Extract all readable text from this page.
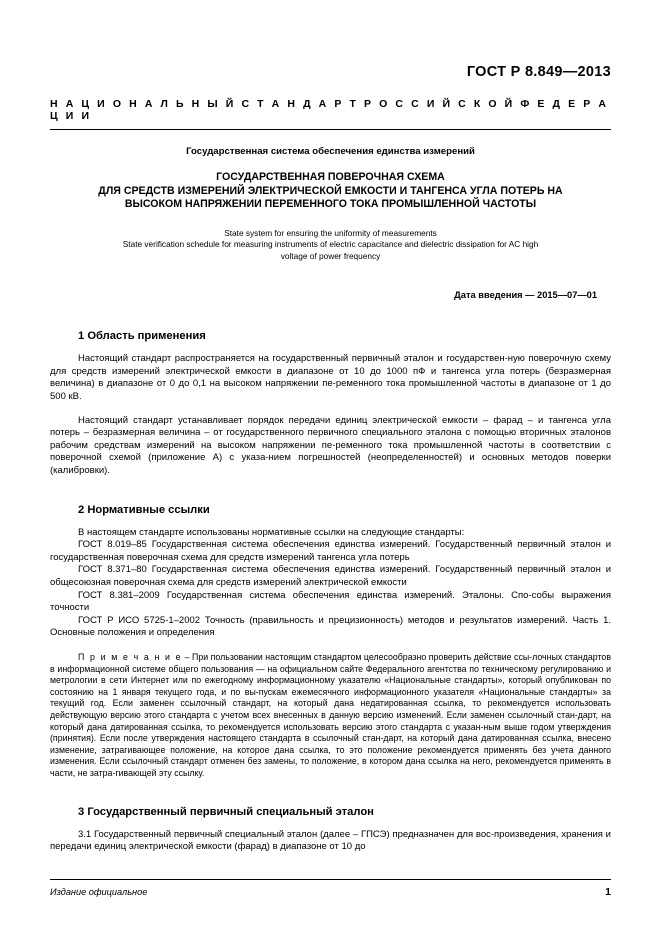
ГОСТ Р 8.849—2013
Н А Ц И О Н А Л Ь Н Ы Й С Т А Н Д А Р Т Р О С С И Й С К О Й Ф Е Д Е Р А Ц И И
Государственная система обеспечения единства измерений
ГОСУДАРСТВЕННАЯ ПОВЕРОЧНАЯ СХЕМА
ДЛЯ СРЕДСТВ ИЗМЕРЕНИЙ ЭЛЕКТРИЧЕСКОЙ ЕМКОСТИ И ТАНГЕНСА УГЛА ПОТЕРЬ НА
ВЫСОКОМ НАПРЯЖЕНИИ ПЕРЕМЕННОГО ТОКА ПРОМЫШЛЕННОЙ ЧАСТОТЫ
State system for ensuring the uniformity of measurements
State verification schedule for measuring instruments of electric capacitance and dielectric dissipation for AC high
voltage of power frequency
Дата введения — 2015—07—01
1 Область применения

Настоящий стандарт распространяется на государственный первичный эталон и государствен-ную поверочную схему для средств измерений электрической емкости в диапазоне от 10 до 1000 пФ и тангенса угла потерь (безразмерная величина) в диапазоне от 0 до 0,1 на высоком напряжении пе-ременного тока промышленной частоты в диапазоне от 1 до 500 кВ.

Настоящий стандарт устанавливает порядок передачи единиц электрической емкости – фарад – и тангенса угла потерь – безразмерная величина – от государственного первичного специального эталона с помощью вторичных эталонов рабочим средствам измерений на высоком напряжении пе-ременного тока промышленной частоты в соответствии с поверочной схемой (приложение А) с указа-нием погрешностей (неопределенностей) и основных методов поверки (калибровки).

2 Нормативные ссылки

В настоящем стандарте использованы нормативные ссылки на следующие стандарты:

ГОСТ 8.019–85 Государственная система обеспечения единства измерений. Государственный первичный эталон и государственная поверочная схема для средств измерений тангенса угла потерь

ГОСТ 8.371–80 Государственная система обеспечения единства измерений. Государственный первичный эталон и общесоюзная поверочная схема для средств измерений электрической емкости

ГОСТ 8.381–2009 Государственная система обеспечения единства измерений. Эталоны. Спо-собы выражения точности

ГОСТ Р ИСО 5725-1–2002 Точность (правильность и прецизионность) методов и результатов измерений. Часть 1. Основные положения и определения

П р и м е ч а н и е – При пользовании настоящим стандартом целесообразно проверить действие ссы-лочных стандартов в информационной системе общего пользования — на официальном сайте Федерального агентства по техническому регулированию и метрологии в сети Интернет или по ежегодному информационному указателю «Национальные стандарты», который опубликован по состоянию на 1 января текущего года, и по вы-пускам ежемесячного информационного указателя «Национальные стандарты» за текущий год. Если заменен ссылочный стандарт, на который дана недатированная ссылка, то рекомендуется использовать действующую версию этого стандарта с учетом всех внесенных в данную версию изменений. Если заменен ссылочный стан-дарт, на который дана датированная ссылка, то рекомендуется использовать версию этого стандарта с указан-ным выше годом утверждения (принятия). Если после утверждения настоящего стандарта в ссылочный стан-дарт, на который дана датированная ссылка, внесено изменение, затрагивающее положение, на которое дана ссылка, то это положение рекомендуется применять без учета данного изменения. Если ссылочный стандарт отменен без замены, то положение, в котором дана ссылка на него, рекомендуется применять в части, не затра-гивающей эту ссылку.

3 Государственный первичный специальный эталон

3.1 Государственный первичный специальный эталон (далее – ГПСЭ) предназначен для вос-произведения, хранения и передачи единиц электрической емкости (фарад) в диапазоне от 10 до

Издание официальное	1
